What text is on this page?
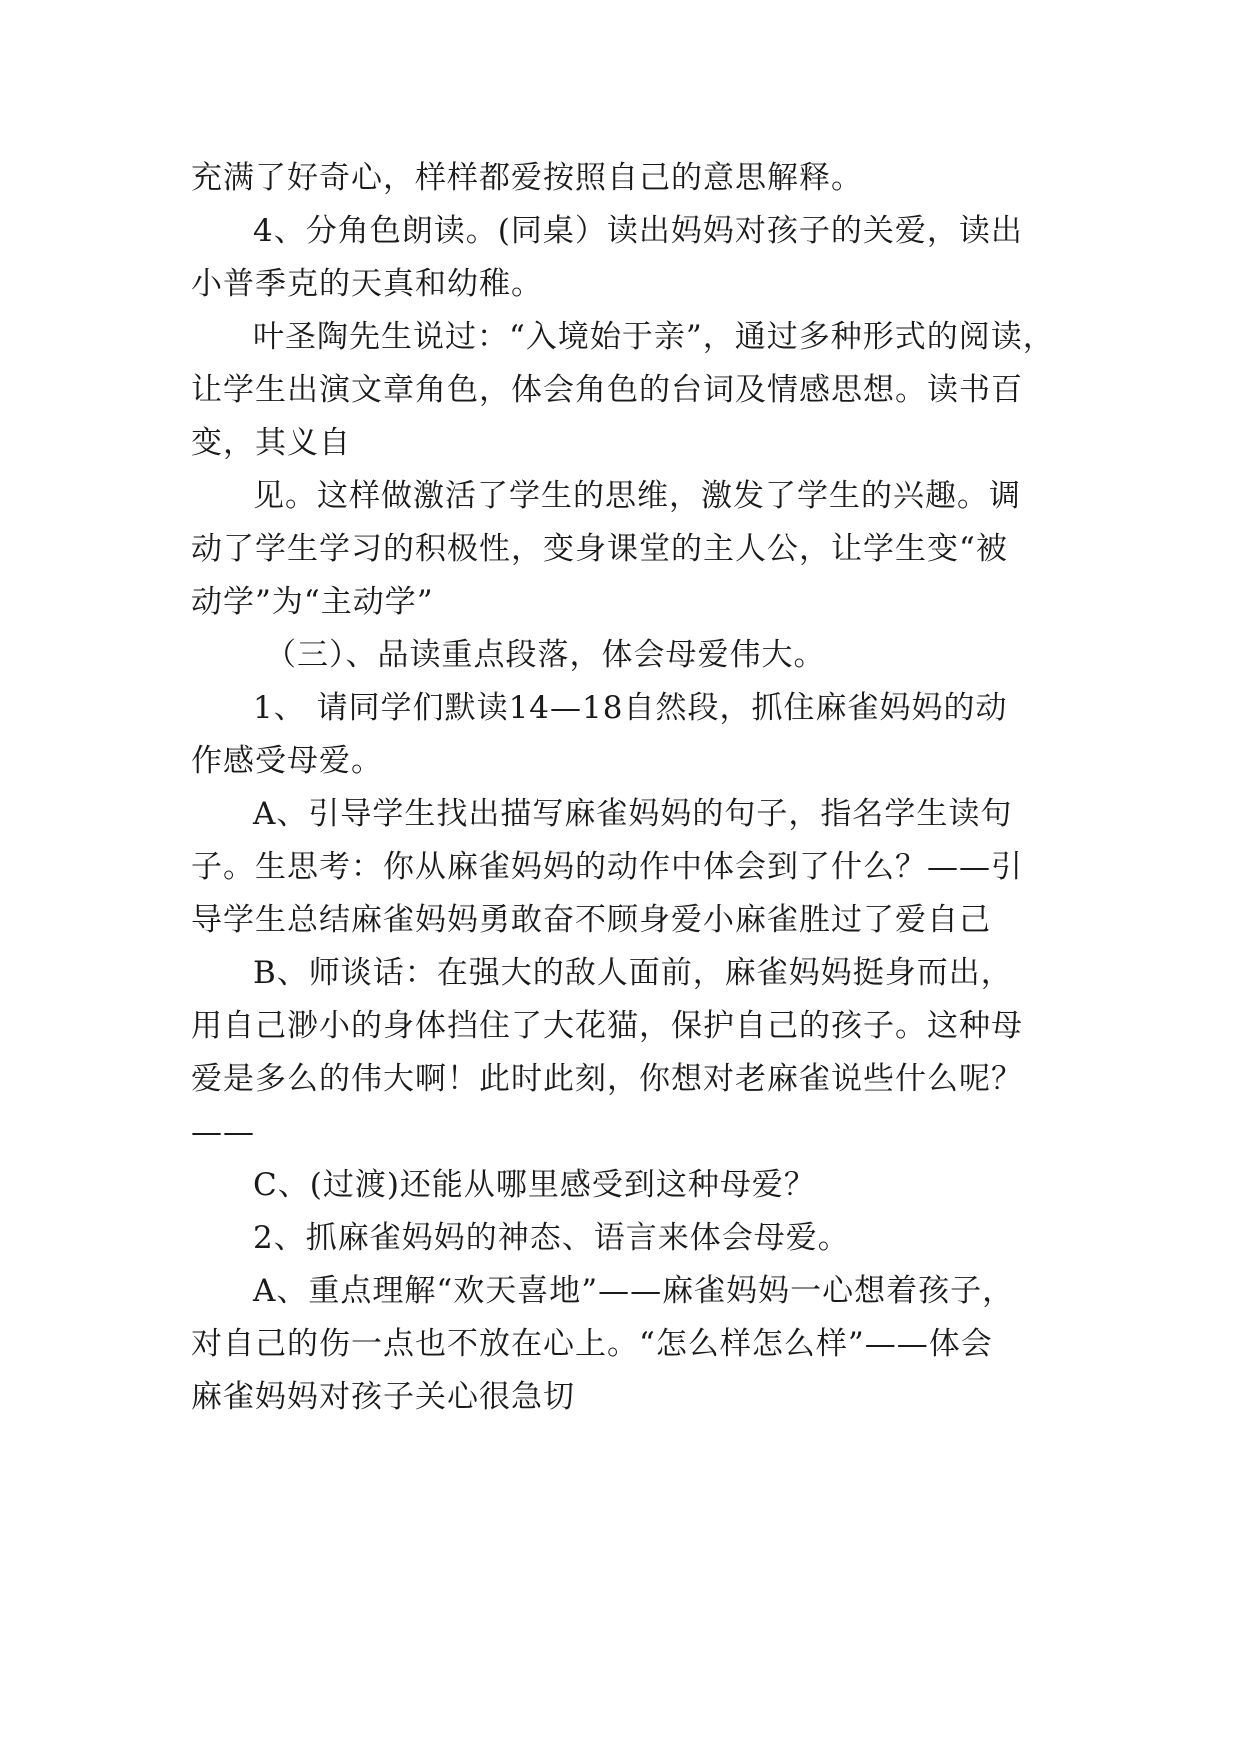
充满了好奇心，样样都爱按照自己的意思解释。
4、分角色朗读。(同桌）读出妈妈对孩子的关爱，读出
小普季克的天真和幼稚。
叶圣陶先生说过：“入境始于亲”，通过多种形式的阅读，
让学生出演文章角色，体会角色的台词及情感思想。读书百
变，其义自
见。这样做激活了学生的思维，激发了学生的兴趣。调
动了学生学习的积极性，变身课堂的主人公，让学生变“被
动学”为“主动学”
（三）、品读重点段落，体会母爱伟大。
1、 请同学们默读14—18自然段，抓住麻雀妈妈的动
作感受母爱。
A、引导学生找出描写麻雀妈妈的句子，指名学生读句
子。生思考：你从麻雀妈妈的动作中体会到了什么？——引
导学生总结麻雀妈妈勇敢奋不顾身爱小麻雀胜过了爱自己
B、师谈话：在强大的敌人面前，麻雀妈妈挺身而出，
用自己渺小的身体挡住了大花猫，保护自己的孩子。这种母
爱是多么的伟大啊！此时此刻，你想对老麻雀说些什么呢？
——
C、(过渡)还能从哪里感受到这种母爱？
2、抓麻雀妈妈的神态、语言来体会母爱。
A、重点理解“欢天喜地”——麻雀妈妈一心想着孩子，
对自己的伤一点也不放在心上。“怎么样怎么样”——体会
麻雀妈妈对孩子关心很急切
